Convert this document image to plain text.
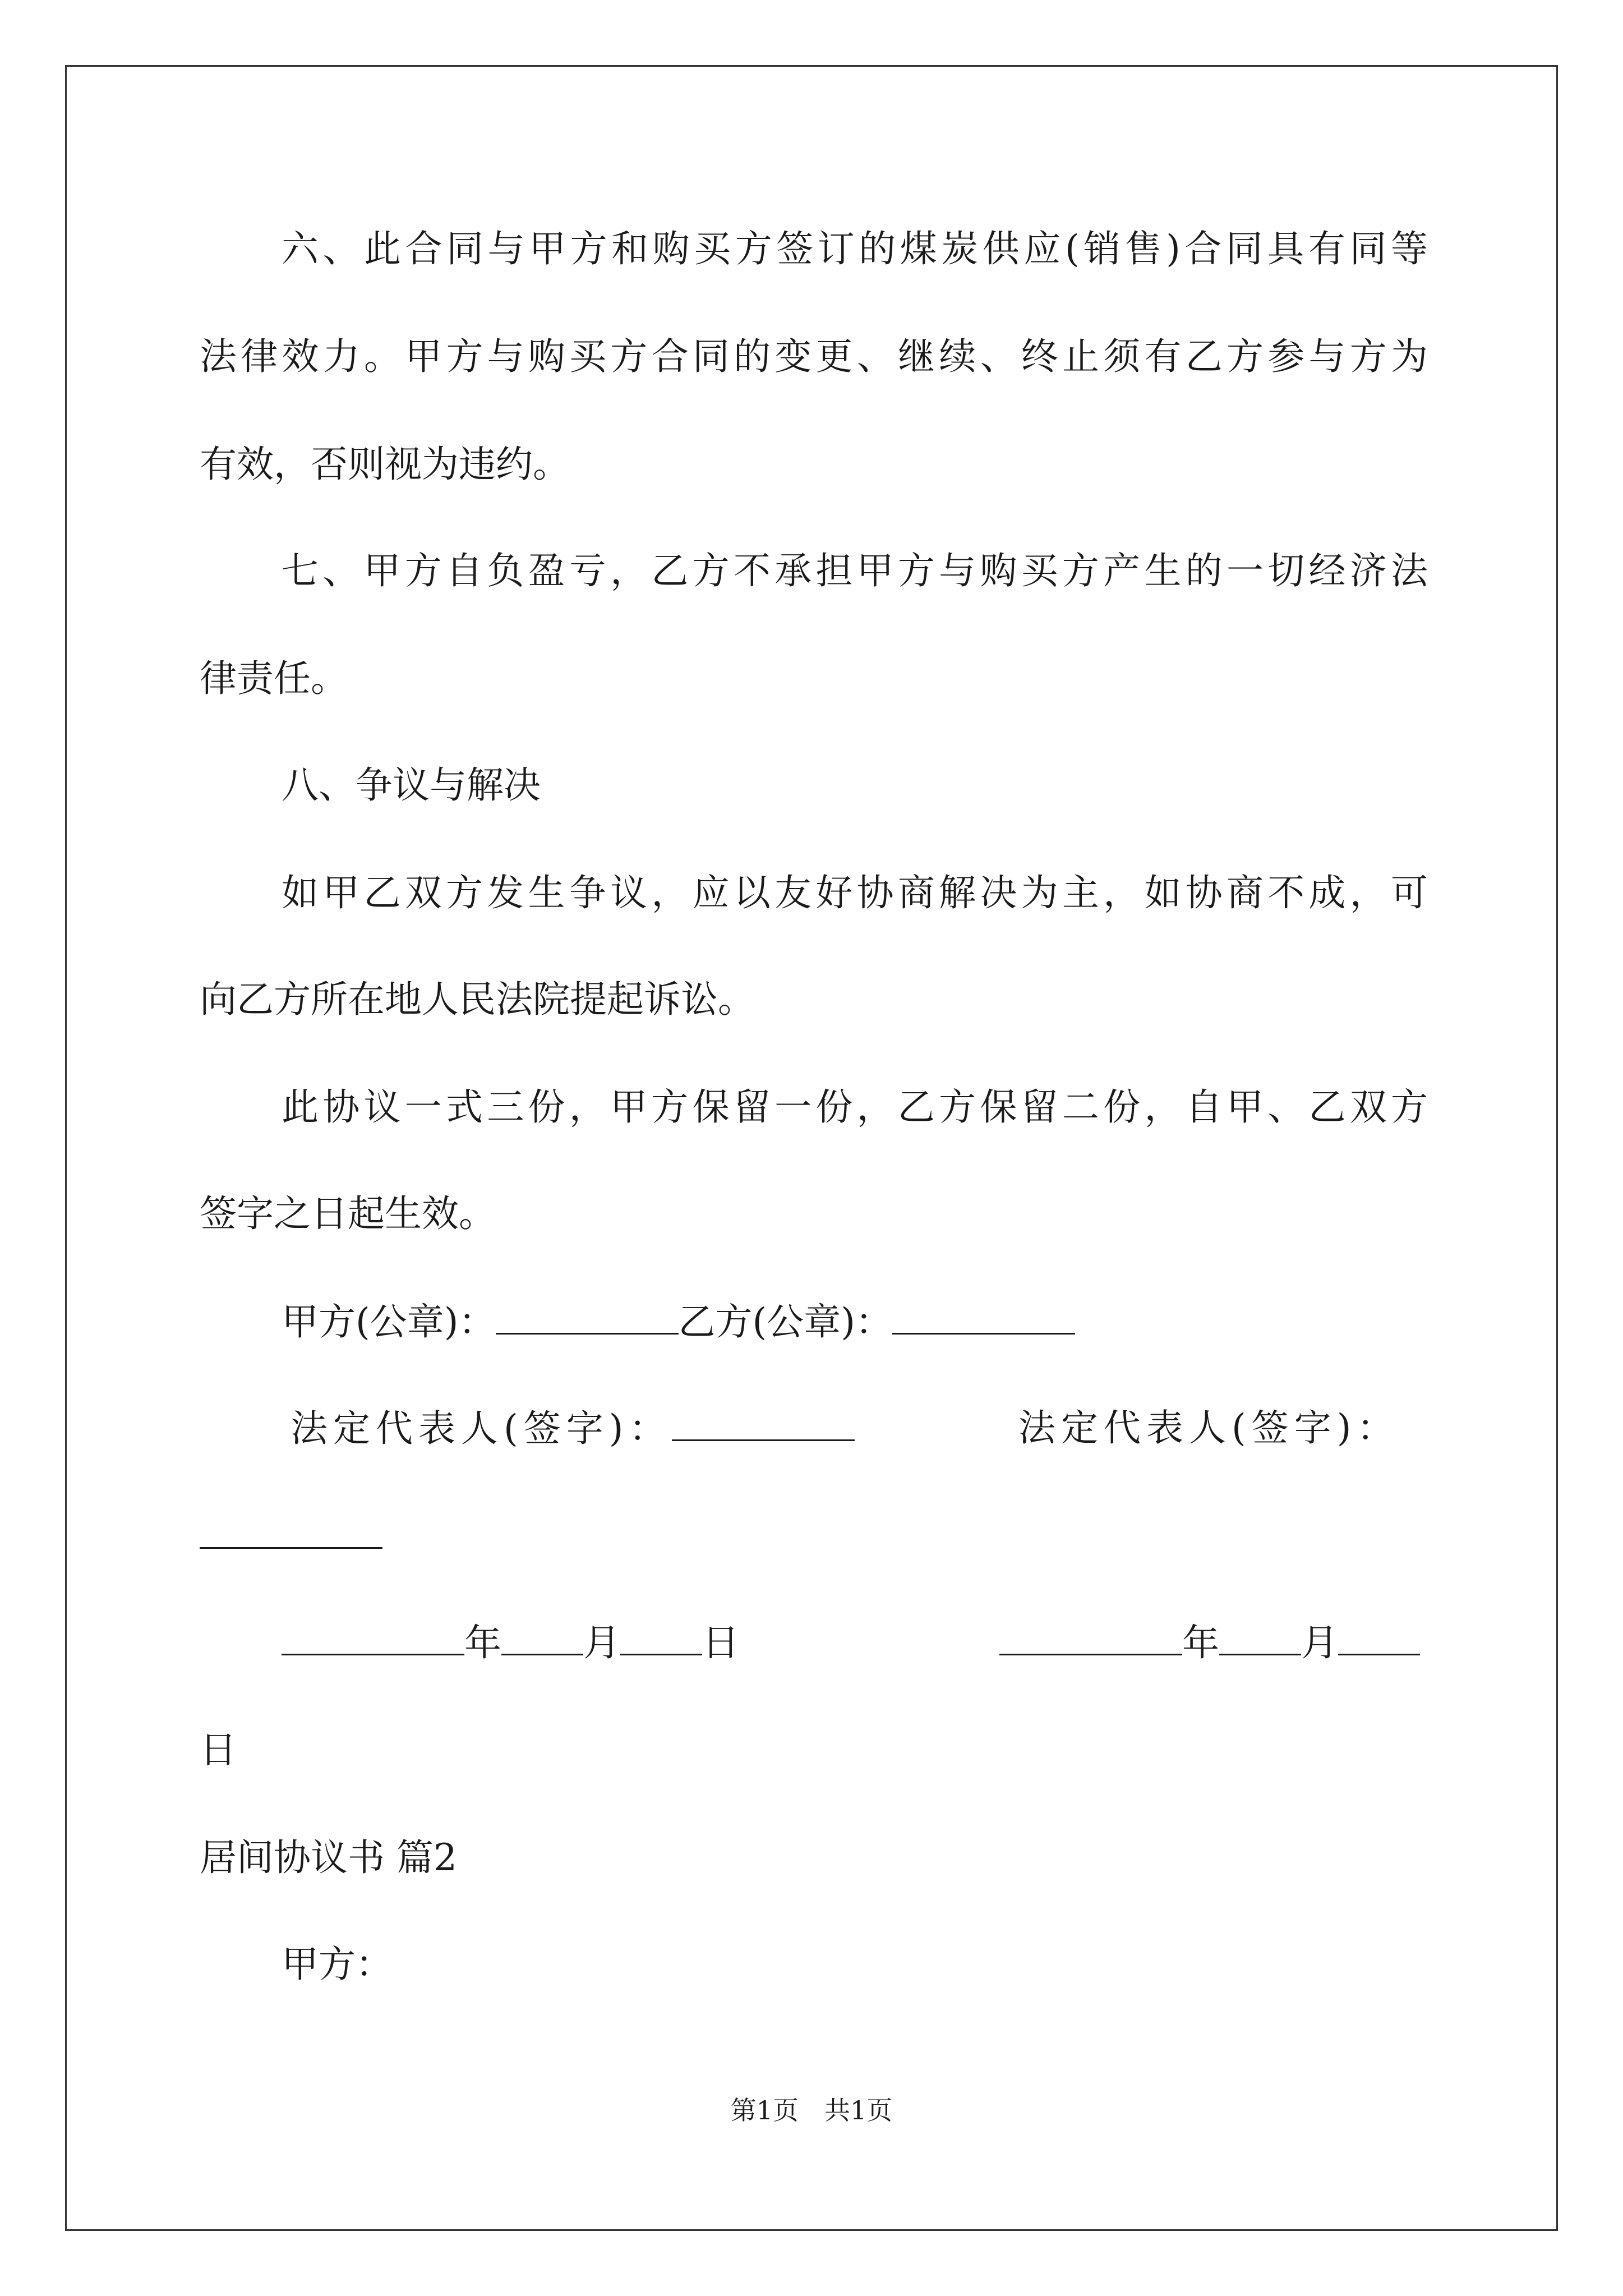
六、此合同与甲方和购买方签订的煤炭供应(销售)合同具有同等
法律效力。甲方与购买方合同的变更、继续、终止须有乙方参与方为
有效，否则视为违约。
七、甲方自负盈亏，乙方不承担甲方与购买方产生的一切经济法
律责任。
八、争议与解决
如甲乙双方发生争议，应以友好协商解决为主，如协商不成，可
向乙方所在地人民法院提起诉讼。
此协议一式三份，甲方保留一份，乙方保留二份，自甲、乙双方
签字之日起生效。
甲方(公章)：	乙方(公章)：
法定代表人(签字)：	法定代表人(签字)：
年 月 日	年 月
日
居间协议书 篇2
甲方：
第1页　共1页
